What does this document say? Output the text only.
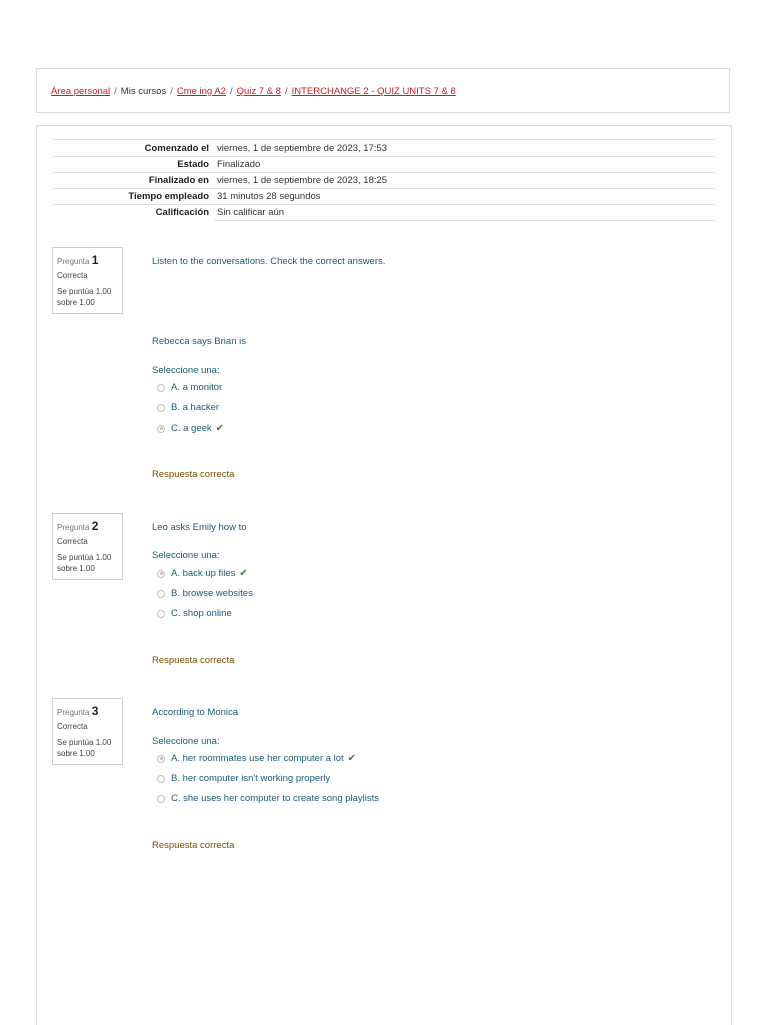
Área personal / Mis cursos / Cme ing A2 / Quiz 7 & 8 / INTERCHANGE 2 - QUIZ UNITS 7 & 8
Comenzado el	viernes, 1 de septiembre de 2023, 17:53
Estado	Finalizado
Finalizado en	viernes, 1 de septiembre de 2023, 18:25
Tiempo empleado	31 minutos 28 segundos
Calificación	Sin calificar aún
Pregunta 1
Correcta
Se puntúa 1.00 sobre 1.00
Listen to the conversations. Check the correct answers.
Rebecca says Brian is
Seleccione una:
A. a monitor
B. a hacker
C. a geek ✔
Respuesta correcta
Pregunta 2
Correcta
Se puntúa 1.00 sobre 1.00
Leo asks Emily how to
Seleccione una:
A. back up files ✔
B. browse websites
C. shop online
Respuesta correcta
Pregunta 3
Correcta
Se puntúa 1.00 sobre 1.00
According to Monica
Seleccione una:
A. her roommates use her computer a lot ✔
B. her computer isn't working properly
C. she uses her computer to create song playlists
Respuesta correcta
